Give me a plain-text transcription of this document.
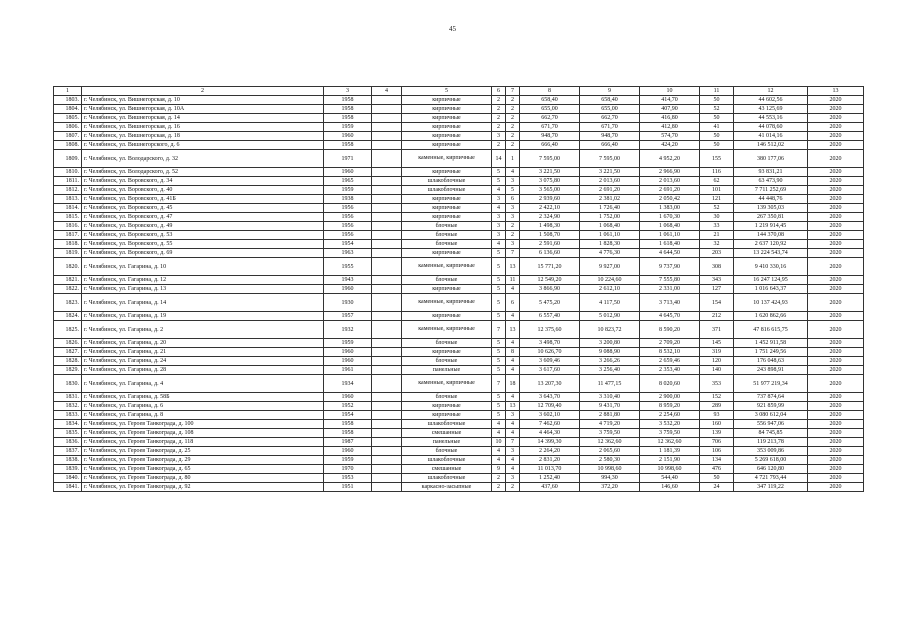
45
1	2	3	4	5	6	7	8	9	10	11	12	13
1803.	г. Челябинск, ул. Вишнегорская, д. 10	1958		кирпичные	2	2	658,40	658,40	414,70	50	44 602,56	2020
1804.	г. Челябинск, ул. Вишнегорская, д. 10А	1958		кирпичные	2	2	655,00	655,00	407,90	52	43 125,69	2020
1805.	г. Челябинск, ул. Вишнегорская, д. 14	1958		кирпичные	2	2	662,70	662,70	416,80	50	44 553,16	2020
1806.	г. Челябинск, ул. Вишнегорская, д. 16	1959		кирпичные	2	2	671,70	671,70	412,80	41	44 078,60	2020
1807.	г. Челябинск, ул. Вишнегорская, д. 18	1960		кирпичные	3	2	948,70	948,70	574,70	50	41 014,16	2020
1808.	г. Челябинск, ул. Вишнегорского, д. 6	1958		кирпичные	2	2	666,40	666,40	424,20	50	146 512,02	2020
1809.	г. Челябинск, ул. Володарского, д. 32	1971		каменные, кирпичные	14	1	7 595,00	7 595,00	4 952,20	155	380 177,06	2020
1810.	г. Челябинск, ул. Володарского, д. 52	1960		кирпичные	5	4	3 221,50	3 221,50	2 966,90	116	93 831,21	2020
1811.	г. Челябинск, ул. Воровского, д. 34	1965		шлакоблочные	5	3	3 075,80	2 013,60	2 013,60	62	63 473,90	2020
1812.	г. Челябинск, ул. Воровского, д. 40	1959		шлакоблочные	4	5	3 565,00	2 691,20	2 691,20	101	7 711 252,69	2020
1813.	г. Челябинск, ул. Воровского, д. 41Б	1938		кирпичные	3	6	2 939,60	2 381,02	2 050,42	121	44 448,76	2020
1814.	г. Челябинск, ул. Воровского, д. 45	1956		кирпичные	4	3	2 422,10	1 726,40	1 383,00	52	139 305,03	2020
1815.	г. Челябинск, ул. Воровского, д. 47	1956		кирпичные	3	3	2 324,90	1 752,00	1 670,30	30	267 350,81	2020
1816.	г. Челябинск, ул. Воровского, д. 49	1956		блочные	3	2	1 498,30	1 068,40	1 068,40	33	1 219 914,45	2020
1817.	г. Челябинск, ул. Воровского, д. 53	1956		блочные	3	2	1 508,70	1 061,10	1 061,10	21	144 370,08	2020
1818.	г. Челябинск, ул. Воровского, д. 55	1954		блочные	4	3	2 591,60	1 828,30	1 618,40	32	2 637 120,92	2020
1819.	г. Челябинск, ул. Воровского, д. 69	1963		кирпичные	5	7	6 136,60	4 776,30	4 644,50	203	13 224 543,74	2020
1820.	г. Челябинск, ул. Гагарина, д. 10	1955		каменные, кирпичные	5	13	15 771,20	9 927,00	9 737,90	308	9 410 330,16	2020
1821.	г. Челябинск, ул. Гагарина, д. 12	1943		блочные	5	11	12 549,20	10 224,60	7 555,80	343	16 247 124,95	2020
1822.	г. Челябинск, ул. Гагарина, д. 13	1960		кирпичные	5	4	3 866,90	2 612,10	2 331,00	127	1 016 643,37	2020
1823.	г. Челябинск, ул. Гагарина, д. 14	1930		каменные, кирпичные	5	6	5 475,20	4 117,50	3 713,40	154	10 137 424,93	2020
1824.	г. Челябинск, ул. Гагарина, д. 19	1957		кирпичные	5	4	6 557,40	5 012,90	4 645,70	212	1 620 862,66	2020
1825.	г. Челябинск, ул. Гагарина, д. 2	1932		каменные, кирпичные	7	13	12 375,60	10 823,72	8 590,20	371	47 816 615,75	2020
1826.	г. Челябинск, ул. Гагарина, д. 20	1959		блочные	5	4	3 498,70	3 200,80	2 709,20	145	1 452 911,58	2020
1827.	г. Челябинск, ул. Гагарина, д. 21	1960		кирпичные	5	8	10 626,70	9 088,90	8 532,10	319	1 751 249,56	2020
1828.	г. Челябинск, ул. Гагарина, д. 24	1960		блочные	5	4	3 609,46	3 266,26	2 659,46	120	176 048,63	2020
1829.	г. Челябинск, ул. Гагарина, д. 28	1961		панельные	5	4	3 617,60	3 256,40	2 353,40	140	243 898,91	2020
1830.	г. Челябинск, ул. Гагарина, д. 4	1934		каменные, кирпичные	7	18	13 207,30	11 477,15	8 020,60	353	51 977 219,34	2020
1831.	г. Челябинск, ул. Гагарина, д. 58Б	1960		блочные	5	4	3 643,70	3 310,40	2 900,00	152	737 874,64	2020
1832.	г. Челябинск, ул. Гагарина, д. 6	1952		кирпичные	5	13	12 709,40	9 431,70	8 959,20	289	921 859,99	2020
1833.	г. Челябинск, ул. Гагарина, д. 8	1954		кирпичные	5	3	3 602,10	2 881,80	2 254,60	93	3 080 612,04	2020
1834.	г. Челябинск, ул. Героев Танкограда, д. 100	1958		шлакоблочные	4	4	7 462,60	4 719,20	3 532,20	160	556 947,06	2020
1835.	г. Челябинск, ул. Героев Танкограда, д. 108	1958		смешанные	4	4	4 464,30	3 759,50	3 759,50	139	84 745,85	2020
1836.	г. Челябинск, ул. Героев Танкограда, д. 118	1987		панельные	10	7	14 399,30	12 362,60	12 362,60	706	119 213,78	2020
1837.	г. Челябинск, ул. Героев Танкограда, д. 25	1960		блочные	4	3	2 264,20	2 065,60	1 181,39	106	353 009,86	2020
1838.	г. Челябинск, ул. Героев Танкограда, д. 29	1959		шлакоблочные	4	4	2 831,20	2 580,30	2 151,90	134	5 269 618,00	2020
1839.	г. Челябинск, ул. Героев Танкограда, д. 65	1970		смешанные	9	4	11 013,70	10 998,60	10 998,60	476	646 120,80	2020
1840.	г. Челябинск, ул. Героев Танкограда, д. 80	1953		шлакоблочные	2	3	1 252,40	994,30	544,40	50	4 721 793,44	2020
1841.	г. Челябинск, ул. Героев Танкограда, д. 92	1951		каркасно-засыпные	2	2	437,60	372,20	146,60	24	347 119,22	2020
